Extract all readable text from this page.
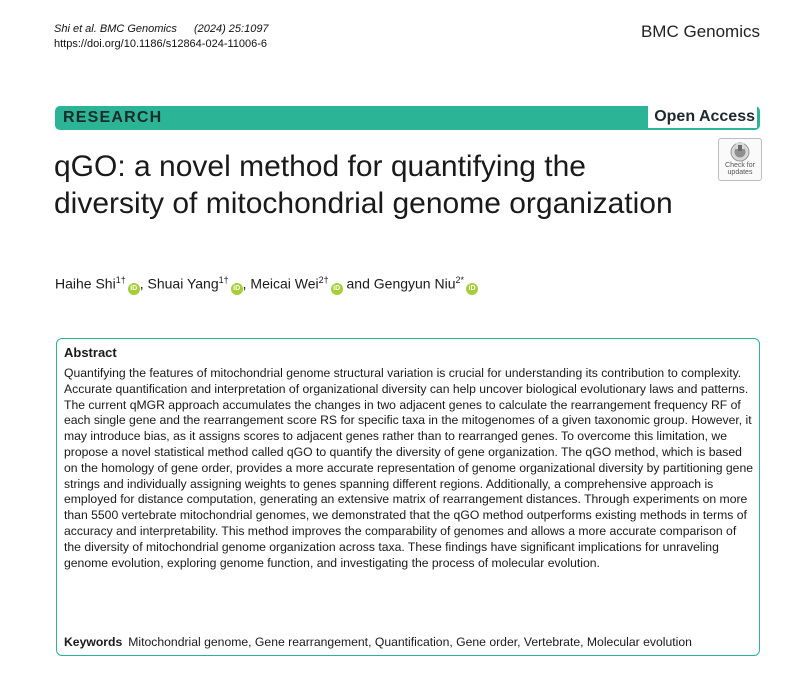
Shi et al. BMC Genomics (2024) 25:1097
https://doi.org/10.1186/s12864-024-11006-6
BMC Genomics
RESEARCH	Open Access
Check for
updates
qGO: a novel method for quantifying the diversity of mitochondrial genome organization
Haihe Shi$^{1\dagger}$iD , Shuai Yang$^{1\dagger}$iD , Meicai Wei$^{2\dagger}$iD and Gengyun Niu$^{2*}$iD
Abstract

Quantifying the features of mitochondrial genome structural variation is crucial for understanding its contribution to complexity. Accurate quantification and interpretation of organizational diversity can help uncover biological evolutionary laws and patterns. The current qMGR approach accumulates the changes in two adjacent genes to calculate the rearrangement frequency RF of each single gene and the rearrangement score RS for specific taxa in the mitogenomes of a given taxonomic group. However, it may introduce bias, as it assigns scores to adjacent genes rather than to rearranged genes. To overcome this limitation, we propose a novel statistical method called qGO to quantify the diversity of gene organization. The qGO method, which is based on the homology of gene order, provides a more accurate representation of genome organizational diversity by partitioning gene strings and individually assigning weights to genes spanning different regions. Additionally, a comprehensive approach is employed for distance computation, generating an extensive matrix of rearrangement distances. Through experiments on more than 5500 vertebrate mitochondrial genomes, we demonstrated that the qGO method outperforms existing methods in terms of accuracy and interpretability. This method improves the comparability of genomes and allows a more accurate comparison of the diversity of mitochondrial genome organization across taxa. These findings have significant implications for unraveling genome evolution, exploring genome function, and investigating the process of molecular evolution.

Keywords Mitochondrial genome, Gene rearrangement, Quantification, Gene order, Vertebrate, Molecular evolution
